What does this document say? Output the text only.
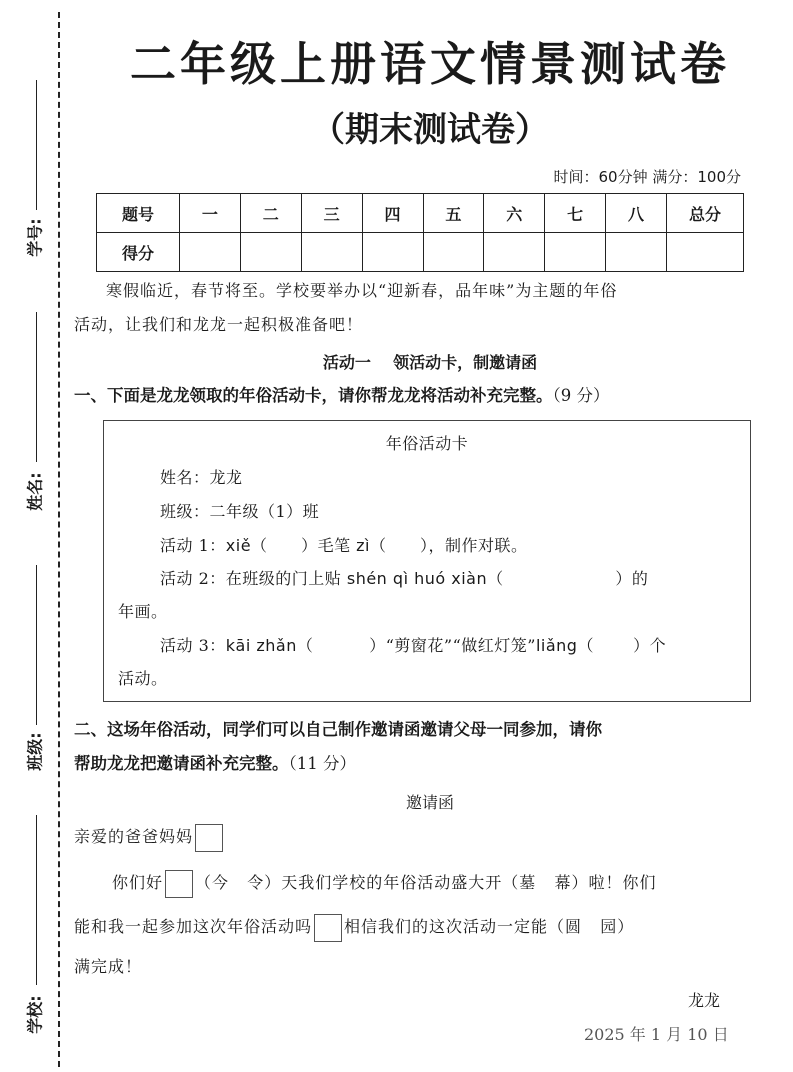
学号:
姓名:
班级:
学校:
二年级上册语文情景测试卷
（期末测试卷）
时间：60分钟 满分：100分
题号	一	二	三	四	五	六	七	八	总分
得分									
寒假临近，春节将至。学校要举办以“迎新春，品年味”为主题的年俗
活动，让我们和龙龙一起积极准备吧！
活动一    领活动卡，制邀请函
一、下面是龙龙领取的年俗活动卡，请你帮龙龙将活动补充完整。（9 分）
年俗活动卡
姓名：龙龙
班级：二年级（1）班
活动 1：xiě（      ）毛笔 zì（      ），制作对联。
活动 2：在班级的门上贴 shén qì huó xiàn（                    ）的
年画。
活动 3：kāi zhǎn（          ）“剪窗花”“做红灯笼”liǎng（       ）个
活动。
二、这场年俗活动，同学们可以自己制作邀请函邀请父母一同参加，请你
帮助龙龙把邀请函补充完整。（11 分）
邀请函
亲爱的爸爸妈妈
你们好 （今   令）天我们学校的年俗活动盛大开（墓   幕）啦！你们
能和我一起参加这次年俗活动吗 相信我们的这次活动一定能（圆   园）
满完成！
龙龙
2025 年 1 月 10 日
